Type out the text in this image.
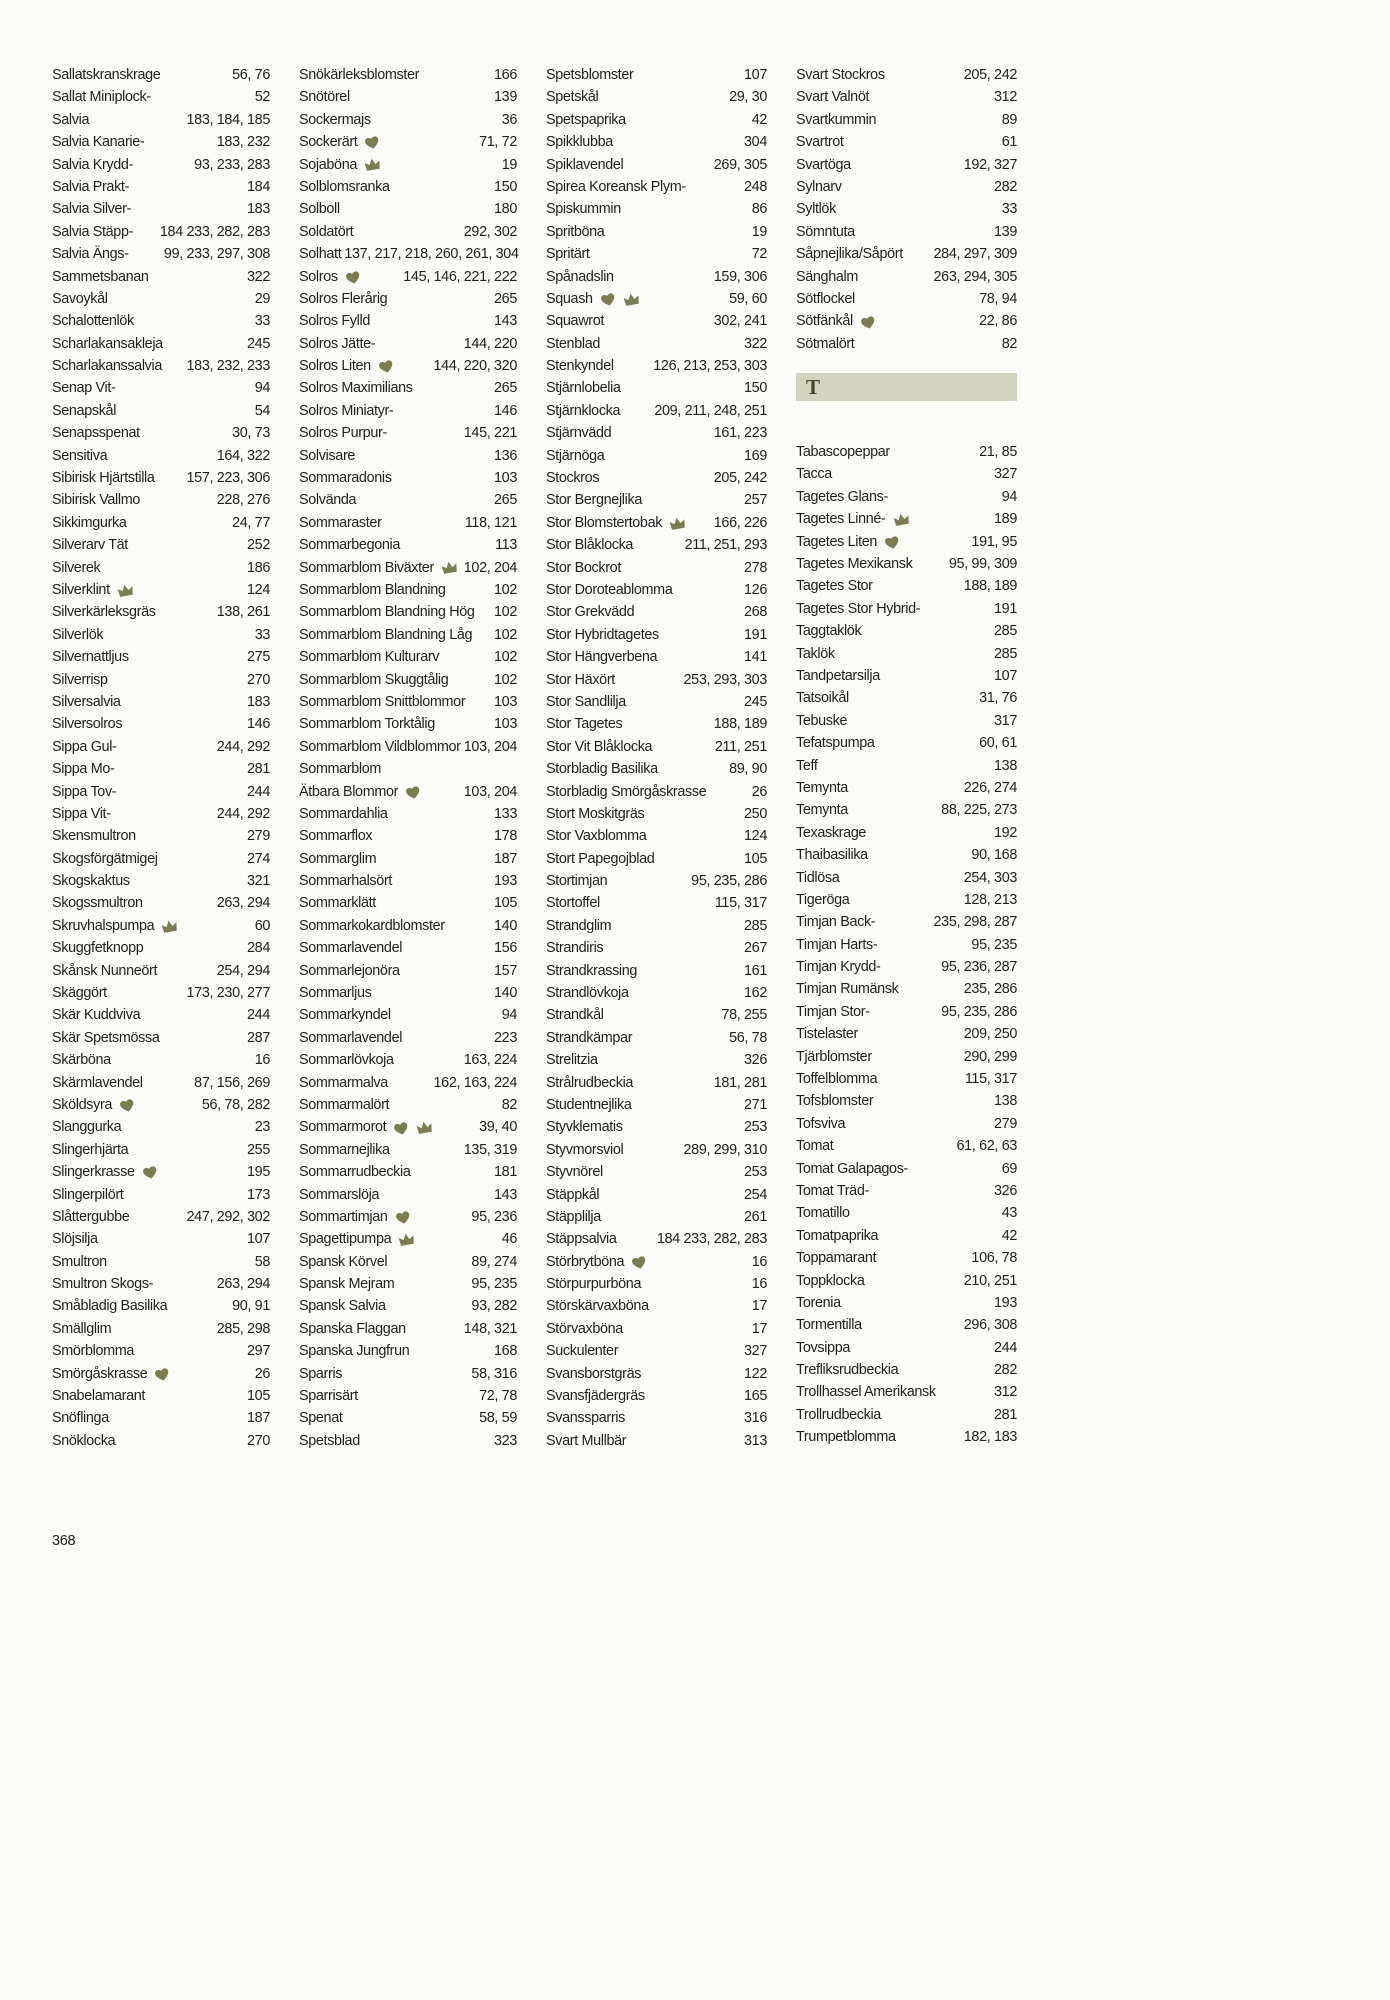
Sallatskranskrage	56, 76
Sallat Miniplock-	52
Salvia	183, 184, 185
Salvia Kanarie-	183, 232
Salvia Krydd-	93, 233, 283
Salvia Prakt-	184
Salvia Silver-	183
Salvia Stäpp- 184 233, 282, 283
Salvia Ängs- 99, 233, 297, 308
Sammetsbanan	322
Savoykål	29
Schalottenlök	33
Scharlakansakleja	245
Scharlakanssalvia 183, 232, 233
Senap Vit-	94
Senapskål	54
Senapsspenat	30, 73
Sensitiva	164, 322
Sibirisk Hjärtstilla 157, 223, 306
Sibirisk Vallmo	228, 276
Sikkimgurka	24, 77
Silverarv Tät	252
Silverek	186
Silverklint	124
Silverkärleksgräs	138, 261
Silverlök	33
Silvernattljus	275
Silverrisp	270
Silversalvia	183
Silversolros	146
Sippa Gul-	244, 292
Sippa Mo-	281
Sippa Tov-	244
Sippa Vit-	244, 292
Skensmultron	279
Skogsförgätmigej	274
Skogskaktus	321
Skogssmultron	263, 294
Skruvhalspumpa	60
Skuggfetknopp	284
Skånsk Nunneört	254, 294
Skäggört	173, 230, 277
Skär Kuddviva	244
Skär Spetsmössa	287
Skärböna	16
Skärmlavendel	87, 156, 269
Sköldsyra	56, 78, 282
Slanggurka	23
Slingerhjärta	255
Slingerkrasse	195
Slingerpilört	173
Slåttergubbe	247, 292, 302
Slöjsilja	107
Smultron	58
Smultron Skogs-	263, 294
Småbladig Basilika	90, 91
Smällglim	285, 298
Smörblomma	297
Smörgåskrasse	26
Snabelamarant	105
Snöflinga	187
Snöklocka	270
Snökärleksblomster	166
Snötörel	139
Sockermajs	36
Sockerärt	71, 72
Sojaböna	19
Solblomsranka	150
Solboll	180
Soldatört	292, 302
Solhatt 137, 217, 218, 260, 261, 304
Solros	145, 146, 221, 222
Solros Flerårig	265
Solros Fylld	143
Solros Jätte-	144, 220
Solros Liten	144, 220, 320
Solros Maximilians	265
Solros Miniatyr-	146
Solros Purpur-	145, 221
Solvisare	136
Sommaradonis	103
Solvända	265
Sommaraster	118, 121
Sommarbegonia	113
Sommarblom Biväxter 102, 204
Sommarblom Blandning	102
Sommarblom Blandning Hög 102
Sommarblom Blandning Låg 102
Sommarblom Kulturarv	102
Sommarblom Skuggtålig	102
Sommarblom Snittblommor 103
Sommarblom Torktålig	103
Sommarblom Vildblommor 103, 204
Sommarblom
Ätbara Blommor	103, 204
Sommardahlia	133
Sommarflox	178
Sommarglim	187
Sommarhalsört	193
Sommarklätt	105
Sommarkokardblomster	140
Sommarlavendel	156
Sommarlejonöra	157
Sommarljus	140
Sommarkyndel	94
Sommarlavendel	223
Sommarlövkoja	163, 224
Sommarmalva	162, 163, 224
Sommarmalört	82
Sommarmorot	39, 40
Sommarnejlika	135, 319
Sommarrudbeckia	181
Sommarslöja	143
Sommartimjan	95, 236
Spagettipumpa	46
Spansk Körvel	89, 274
Spansk Mejram	95, 235
Spansk Salvia	93, 282
Spanska Flaggan	148, 321
Spanska Jungfrun	168
Sparris	58, 316
Sparrisärt	72, 78
Spenat	58, 59
Spetsblad	323
Spetsblomster	107
Spetskål	29, 30
Spetspaprika	42
Spikklubba	304
Spiklavendel	269, 305
Spirea Koreansk Plym-	248
Spiskummin	86
Spritböna	19
Spritärt	72
Spånadslin	159, 306
Squash	59, 60
Squawrot	302, 241
Stenblad	322
Stenkyndel	126, 213, 253, 303
Stjärnlobelia	150
Stjärnklocka 209, 211, 248, 251
Stjärnvädd	161, 223
Stjärnöga	169
Stockros	205, 242
Stor Bergnejlika	257
Stor Blomstertobak	166, 226
Stor Blåklocka	211, 251, 293
Stor Bockrot	278
Stor Doroteablomma	126
Stor Grekvädd	268
Stor Hybridtagetes	191
Stor Hängverbena	141
Stor Häxört	253, 293, 303
Stor Sandlilja	245
Stor Tagetes	188, 189
Stor Vit Blåklocka	211, 251
Storbladig Basilika	89, 90
Storbladig Smörgåskrasse	26
Stort Moskitgräs	250
Stor Vaxblomma	124
Stort Papegojblad	105
Stortimjan	95, 235, 286
Stortoffel	115, 317
Strandglim	285
Strandiris	267
Strandkrassing	161
Strandlövkoja	162
Strandkål	78, 255
Strandkämpar	56, 78
Strelitzia	326
Strålrudbeckia	181, 281
Studentnejlika	271
Styvklematis	253
Styvmorsviol	289, 299, 310
Styvnörel	253
Stäppkål	254
Stäpplilja	261
Stäppsalvia	184 233, 282, 283
Störbrytböna	16
Störpurpurböna	16
Störskärvaxböna	17
Störvaxböna	17
Suckulenter	327
Svansborstgräs	122
Svansfjädergräs	165
Svanssparris	316
Svart Mullbär	313
Svart Stockros	205, 242
Svart Valnöt	312
Svartkummin	89
Svartrot	61
Svartöga	192, 327
Sylnarv	282
Syltlök	33
Sömntuta	139
Såpnejlika/Såpört 284, 297, 309
Sänghalm	263, 294, 305
Sötflockel	78, 94
Sötfänkål	22, 86
Sötmalört	82
T
Tabascopeppar	21, 85
Tacca	327
Tagetes Glans-	94
Tagetes Linné-	189
Tagetes Liten	191, 95
Tagetes Mexikansk	95, 99, 309
Tagetes Stor	188, 189
Tagetes Stor Hybrid-	191
Taggtaklök	285
Taklök	285
Tandpetarsilja	107
Tatsoikål	31, 76
Tebuske	317
Tefatspumpa	60, 61
Teff	138
Temynta	226, 274
Temynta	88, 225, 273
Texaskrage	192
Thaibasilika	90, 168
Tidlösa	254, 303
Tigeröga	128, 213
Timjan Back-	235, 298, 287
Timjan Harts-	95, 235
Timjan Krydd-	95, 236, 287
Timjan Rumänsk	235, 286
Timjan Stor-	95, 235, 286
Tistelaster	209, 250
Tjärblomster	290, 299
Toffelblomma	115, 317
Tofsblomster	138
Tofsviva	279
Tomat	61, 62, 63
Tomat Galapagos-	69
Tomat Träd-	326
Tomatillo	43
Tomatpaprika	42
Toppamarant	106, 78
Toppklocka	210, 251
Torenia	193
Tormentilla	296, 308
Tovsippa	244
Trefliksrudbeckia	282
Trollhassel Amerikansk	312
Trollrudbeckia	281
Trumpetblomma	182, 183
368
